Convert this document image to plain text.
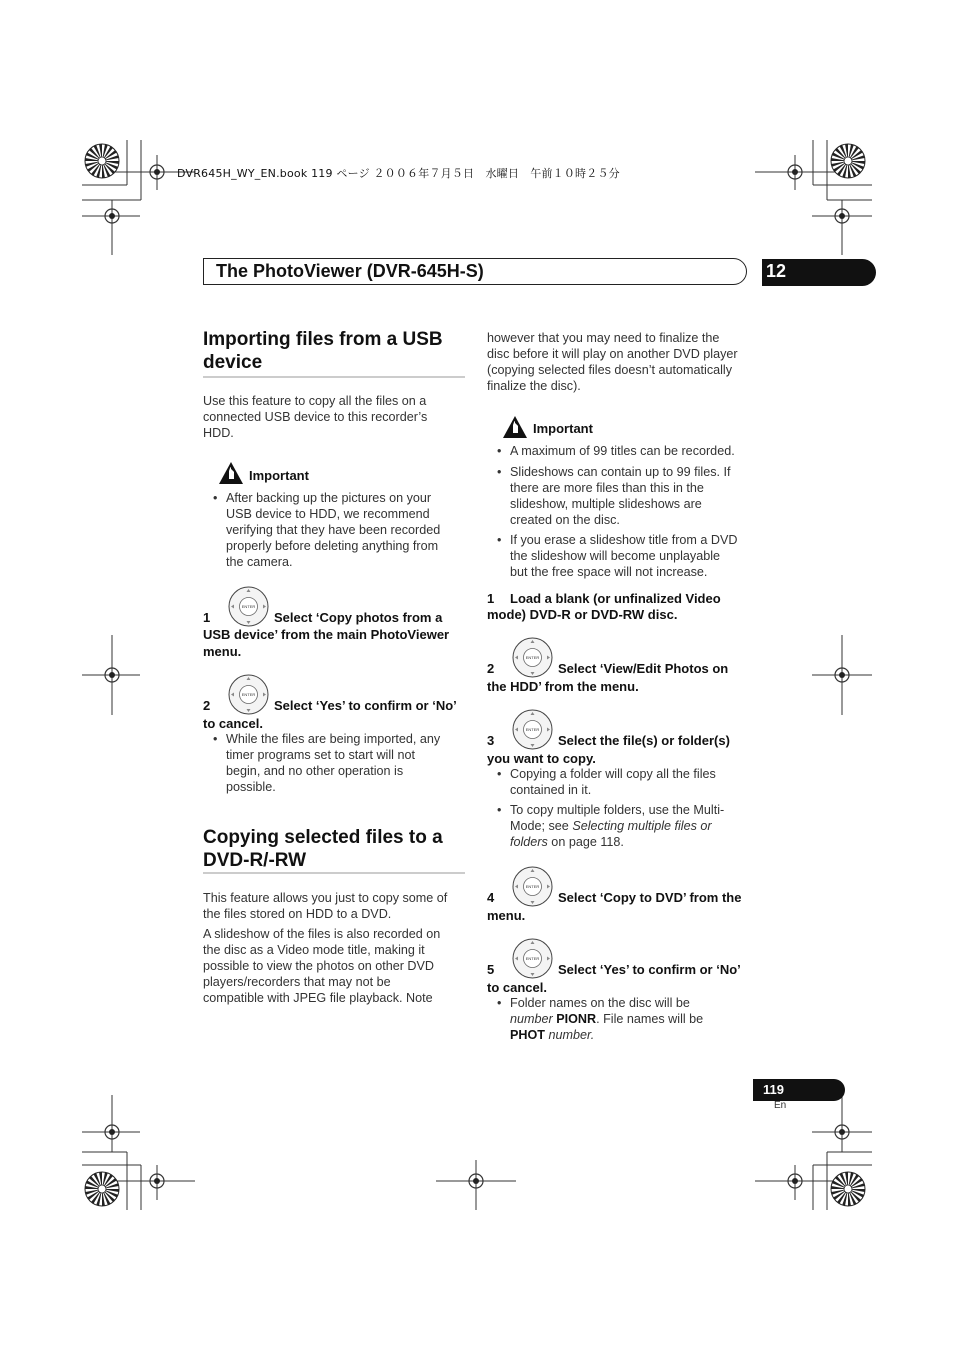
DVR645H_WY_EN.book 119 ページ ２００６年７月５日　水曜日　午前１０時２５分
The PhotoViewer (DVR-645H-S)	12
Importing files from a USB
device
Use this feature to copy all the files on a
connected USB device to this recorder’s
HDD.
Important
• After backing up the pictures on your
USB device to HDD, we recommend
verifying that they have been recorded
properly before deleting anything from
the camera.
1	Select ‘Copy photos from a
USB device’ from the main PhotoViewer
menu.
2	Select ‘Yes’ to confirm or ‘No’
to cancel.
• While the files are being imported, any
timer programs set to start will not
begin, and no other operation is
possible.
Copying selected files to a
DVD-R/-RW
This feature allows you just to copy some of
the files stored on HDD to a DVD.
A slideshow of the files is also recorded on
the disc as a Video mode title, making it
possible to view the photos on other DVD
players/recorders that may not be
compatible with JPEG file playback. Note
however that you may need to finalize the
disc before it will play on another DVD player
(copying selected files doesn’t automatically
finalize the disc).
Important
• A maximum of 99 titles can be recorded.
• Slideshows can contain up to 99 files. If
there are more files than this in the
slideshow, multiple slideshows are
created on the disc.
• If you erase a slideshow title from a DVD
the slideshow will become unplayable
but the free space will not increase.
1 Load a blank (or unfinalized Video
mode) DVD-R or DVD-RW disc.
2	Select ‘View/Edit Photos on
the HDD’ from the menu.
3	Select the file(s) or folder(s)
you want to copy.
• Copying a folder will copy all the files
contained in it.
• To copy multiple folders, use the Multi-
Mode; see Selecting multiple files or
folders on page 118.
4	Select ‘Copy to DVD’ from the
menu.
5	Select ‘Yes’ to confirm or ‘No’
to cancel.
• Folder names on the disc will be
number PIONR. File names will be
PHOT number.
ENTER
ENTER
ENTER
ENTER
ENTER
ENTER
119
En
